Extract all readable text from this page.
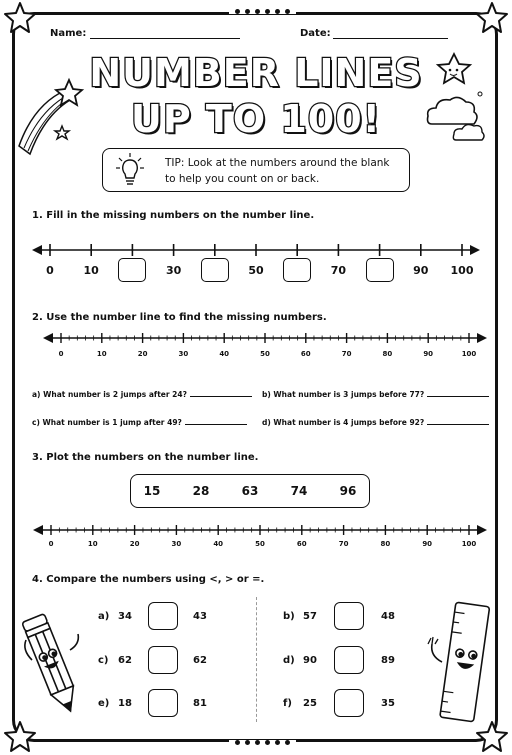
Name:	Date:
NUMBER LINES
UP TO 100!
TIP: Look at the numbers around the blank
to help you count on or back.
1. Fill in the missing numbers on the number line.
0	10	30	50	70	90 100
2. Use the number line to find the missing numbers.
0	10	20	30	40	50	60	70	80	90	100
a) What number is 2 jumps after 24?	b) What number is 3 jumps before 77?
c) What number is 1 jump after 49?	d) What number is 4 jumps before 92?
3. Plot the numbers on the number line.
15	28	63	74	96
0	10	20	30	40	50	60	70	80	90	100
4. Compare the numbers using <, > or =.
a) 34	43	b) 57	48
c) 62	62	d) 90	89
e) 18	81	f) 25	35
